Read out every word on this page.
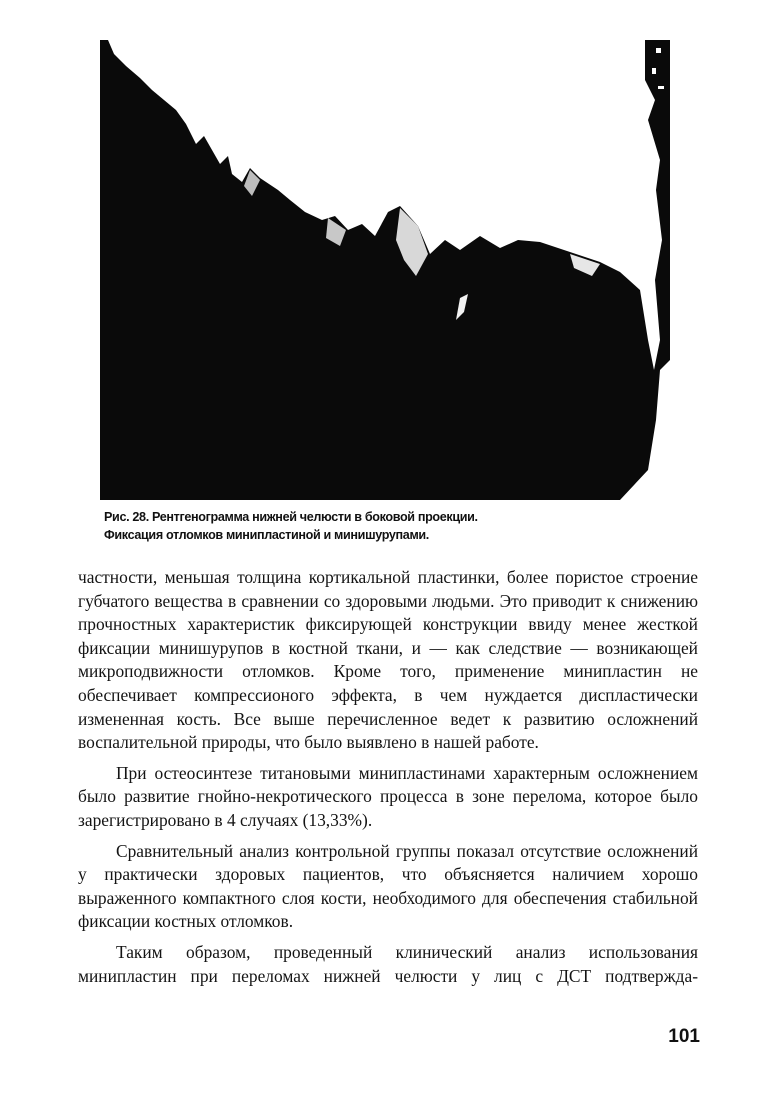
Рис. 28. Рентгенограмма нижней челюсти в боковой проекции.
Фиксация отломков минипластиной и минишурупами.

частности, меньшая толщина кортикальной пластинки, более пористое строение губчатого вещества в сравнении со здоровыми людьми. Это приводит к снижению прочностных характеристик фиксирующей конструкции ввиду менее жесткой фиксации минишурупов в костной ткани, и — как следствие — возникающей микроподвижности отломков. Кроме того, применение минипластин не обеспечивает компрессионого эффекта, в чем нуждается диспластически измененная кость. Все выше перечисленное ведет к развитию осложнений воспалительной природы, что было выявлено в нашей работе.

При остеосинтезе титановыми минипластинами характерным осложнением было развитие гнойно-некротического процесса в зоне перелома, которое было зарегистрировано в 4 случаях (13,33%).

Сравнительный анализ контрольной группы показал отсутствие осложнений у практически здоровых пациентов, что объясняется наличием хорошо выраженного компактного слоя кости, необходимого для обеспечения стабильной фиксации костных отломков.

Таким образом, проведенный клинический анализ использования минипластин при переломах нижней челюсти у лиц с ДСТ подтвержда-

101
